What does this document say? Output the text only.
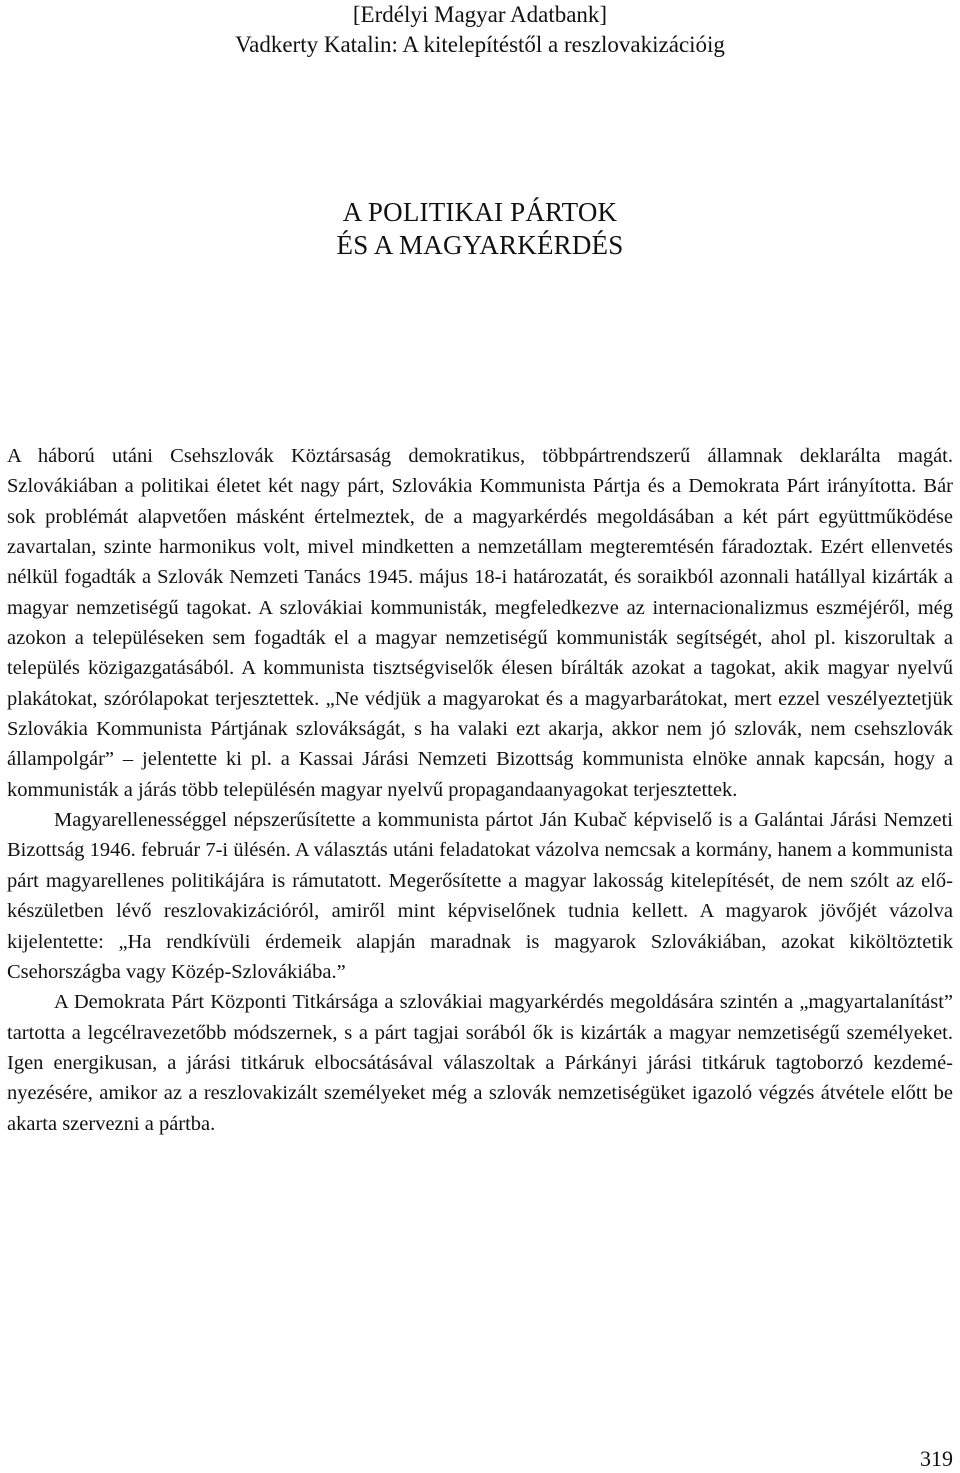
[Erdélyi Magyar Adatbank]
Vadkerty Katalin: A kitelepítéstől a reszlovakizációig
A POLITIKAI PÁRTOK
ÉS A MAGYARKÉRDÉS

A háború utáni Csehszlovák Köztársaság demokratikus, többpártrendszerű államnak deklarálta magát. Szlovákiában a politikai életet két nagy párt, Szlovákia Kommunista Pártja és a Demokrata Párt irányította. Bár sok problémát alapvetően másként értelmeztek, de a magyarkérdés megoldásában a két párt együttműködése zavartalan, szinte harmonikus volt, mivel mindketten a nemzetállam megteremtésén fáradoztak. Ezért ellenvetés nélkül fogadták a Szlovák Nemzeti Tanács 1945. május 18-i határozatát, és soraikból azonnali hatállyal kizárták a magyar nemzetiségű tagokat. A szlovákiai kommunisták, megfeledkezve az internacionalizmus eszméjéről, még azokon a településeken sem fogadták el a magyar nemzetiségű kommunisták segítségét, ahol pl. kiszorultak a település közigazgatásából. A kommunista tisztségviselők élesen bírálták azokat a tagokat, akik magyar nyelvű plakátokat, szórólapokat terjesztettek. „Ne védjük a magyarokat és a magyarbarátokat, mert ezzel veszélyeztetjük Szlovákia Kommunista Pártjának szlovákságát, s ha valaki ezt akarja, akkor nem jó szlovák, nem csehszlovák állampolgár” – jelentette ki pl. a Kassai Járási Nemzeti Bizottság kommunista elnöke annak kapcsán, hogy a kommunisták a járás több településén magyar nyelvű propagandaanyagokat terjesztettek.

Magyarellenességgel népszerűsítette a kommunista pártot Ján Kubač képviselő is a Galántai Járási Nemzeti Bizottság 1946. február 7-i ülésén. A választás utáni feladatokat vázolva nemcsak a kormány, hanem a kommunista párt magyarellenes politikájára is rámutatott. Megerősítette a magyar lakosság kitelepítését, de nem szólt az előkészületben lévő reszlovakizációról, amiről mint képviselőnek tudnia kellett. A magyarok jövőjét vázolva kijelentette: „Ha rendkívüli érdemeik alapján maradnak is magyarok Szlovákiában, azokat kiköltöztetik Csehországba vagy Közép-Szlovákiába.”

A Demokrata Párt Központi Titkársága a szlovákiai magyarkérdés megoldására szintén a „magyartalanítást” tartotta a legcélravezetőbb módszernek, s a párt tagjai sorából ők is kizárták a magyar nemzetiségű személyeket. Igen energikusan, a járási titkáruk elbocsátásával válaszoltak a Párkányi járási titkáruk tagtoborzó kezdeményezésére, amikor az a reszlovakizált személyeket még a szlovák nemzetiségüket igazoló végzés átvétele előtt be akarta szervezni a pártba.

319
